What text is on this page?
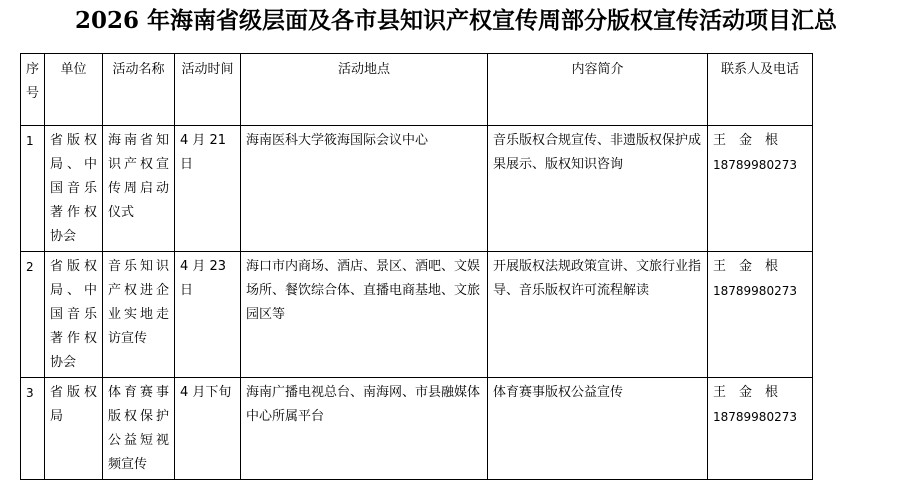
2026 年海南省级层面及各市县知识产权宣传周部分版权宣传活动项目汇总
序号	单位	活动名称	活动时间	活动地点	内容简介	联系人及电话
1	省版权局、中国音乐著作权协会	海南省知识产权宣传周启动仪式	4 月 21 日	海南医科大学筱海国际会议中心	音乐版权合规宣传、非遗版权保护成果展示、版权知识咨询	王　金　根
18789980273

2	省版权局、中国音乐著作权协会	音乐知识产权进企业实地走访宣传	4 月 23 日	海口市内商场、酒店、景区、酒吧、文娱场所、餐饮综合体、直播电商基地、文旅园区等	开展版权法规政策宣讲、文旅行业指导、音乐版权许可流程解读	王　金　根
18789980273

3	省版权局	体育赛事版权保护公益短视频宣传	4 月下旬	海南广播电视总台、南海网、市县融媒体中心所属平台	体育赛事版权公益宣传	王　金　根
18789980273
